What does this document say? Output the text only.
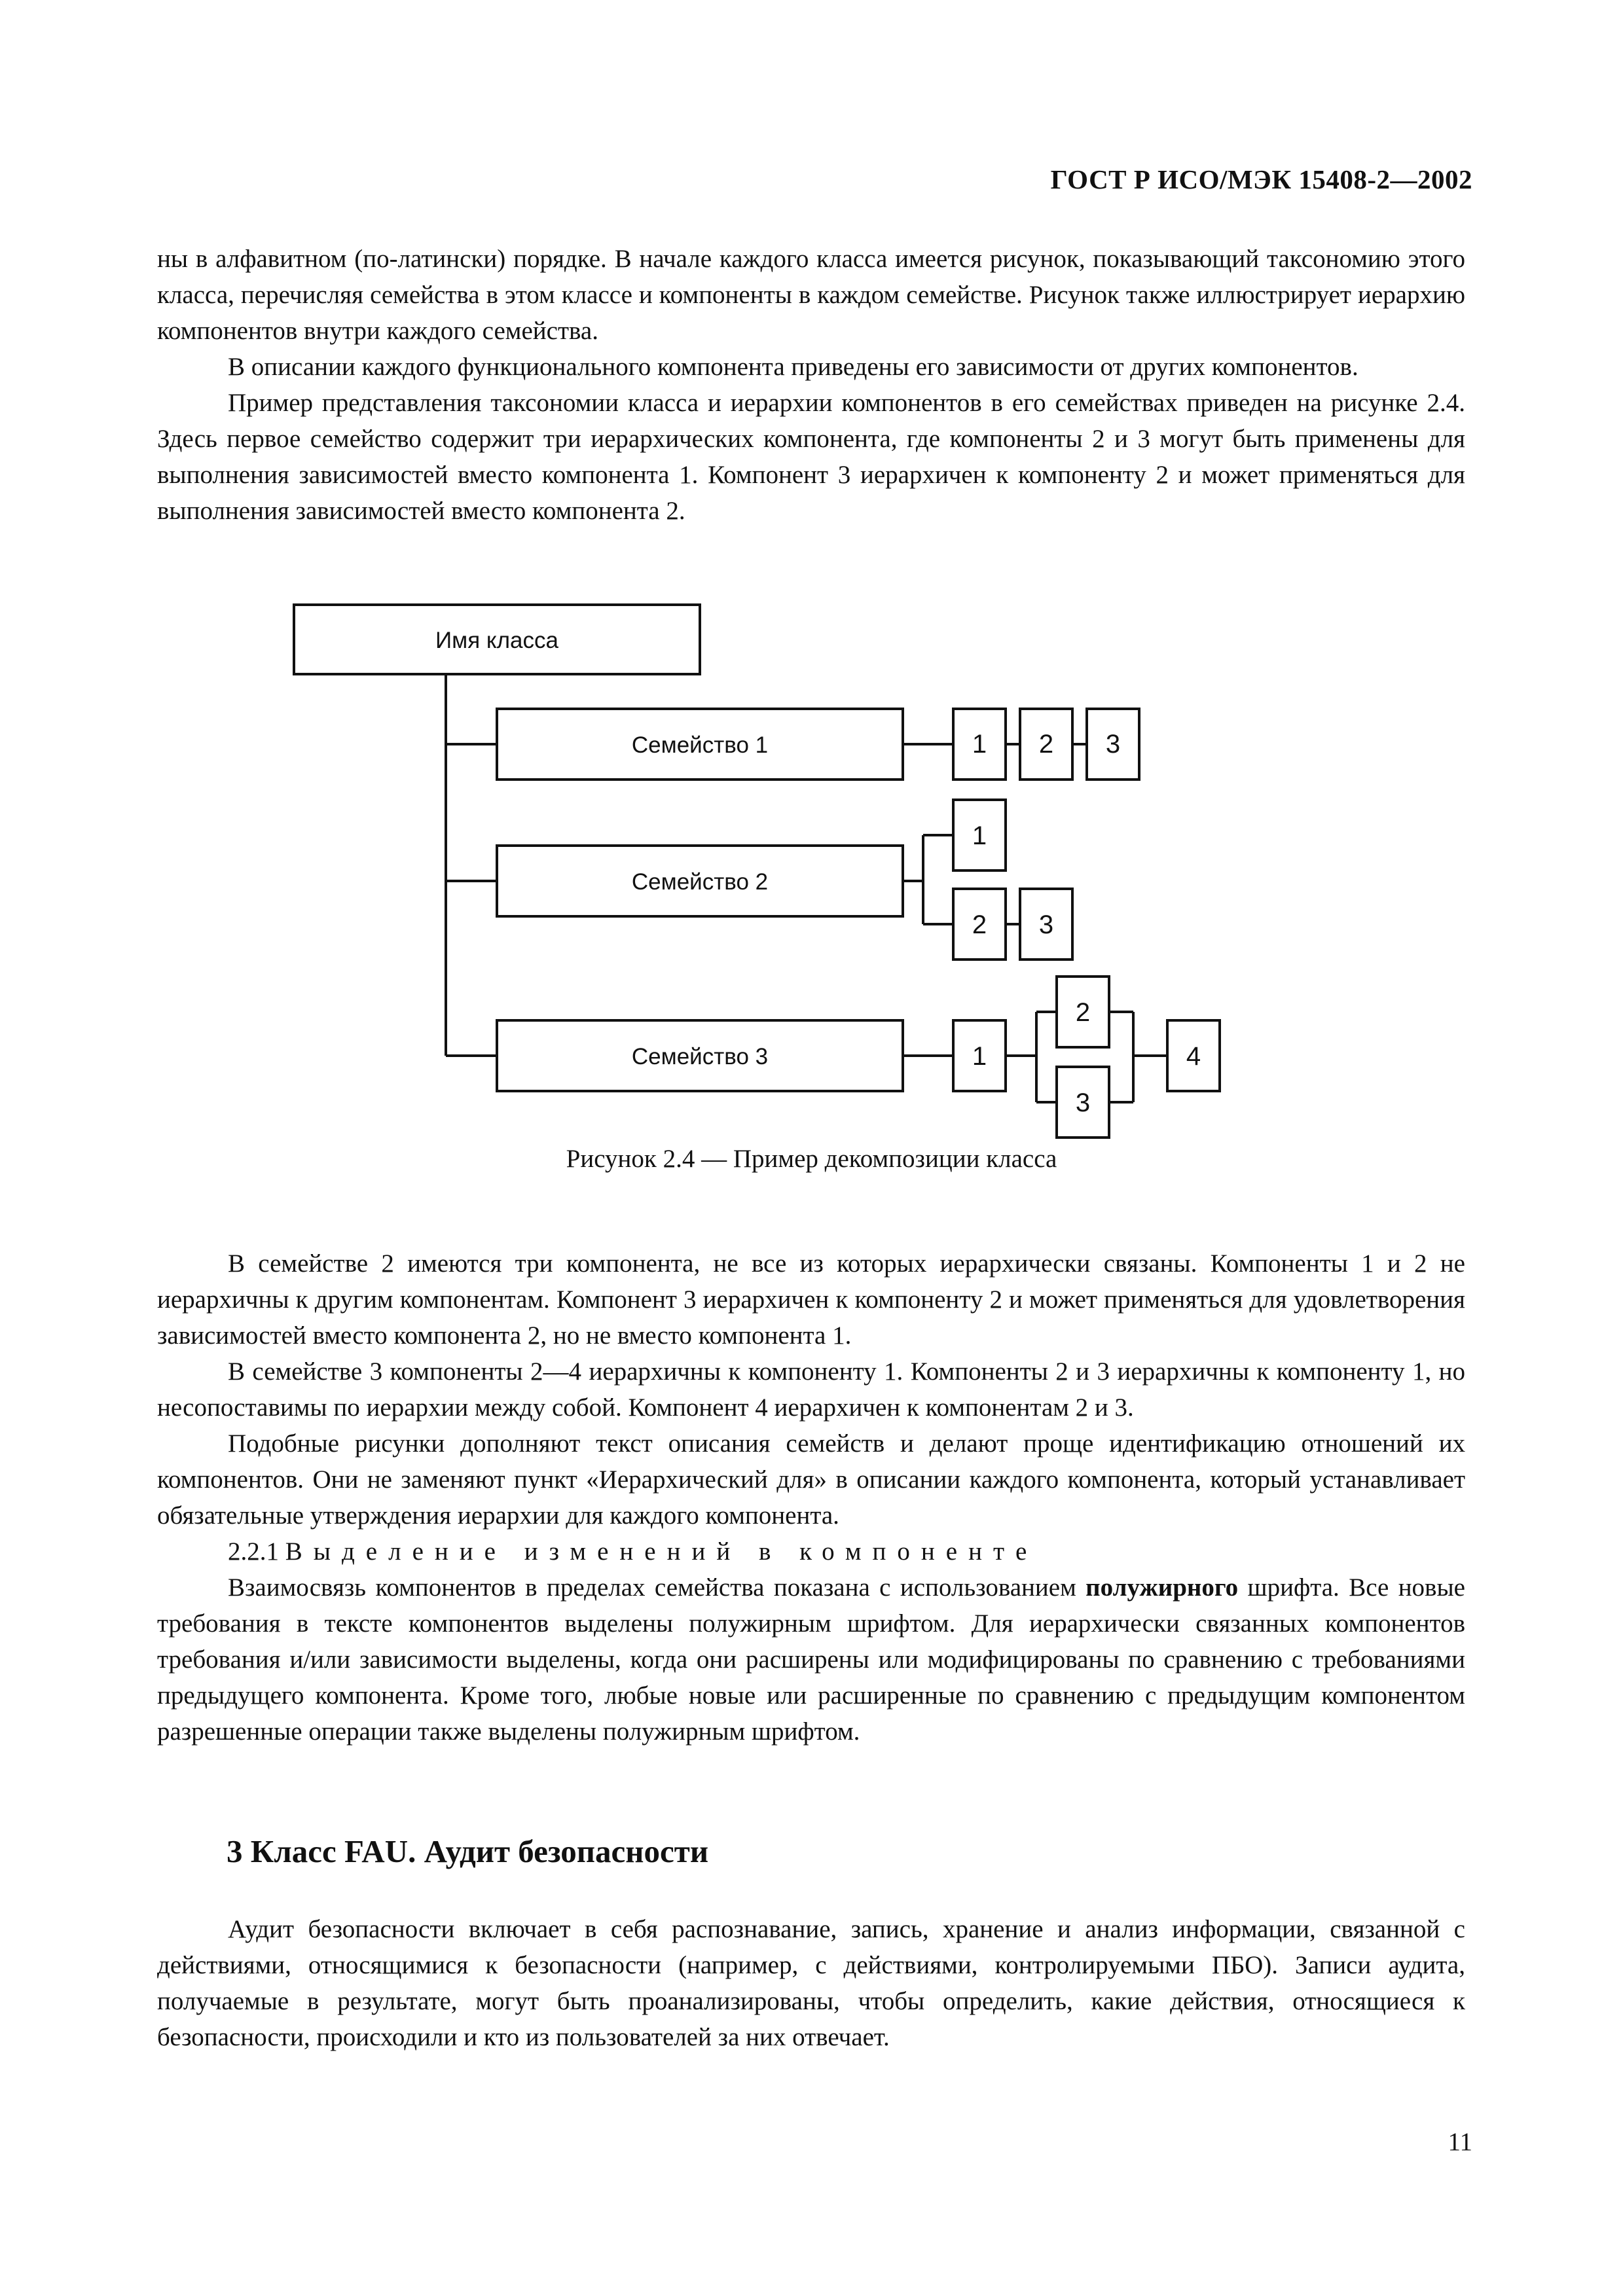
ГОСТ Р ИСО/МЭК 15408-2—2002

ны в алфавитном (по-латински) порядке. В начале каждого класса имеется рисунок, показывающий таксономию этого класса, перечисляя семейства в этом классе и компоненты в каждом семействе. Рисунок также иллюстрирует иерархию компонентов внутри каждого семейства.

В описании каждого функционального компонента приведены его зависимости от других компонентов.

Пример представления таксономии класса и иерархии компонентов в его семействах приведен на рисунке 2.4. Здесь первое семейство содержит три иерархических компонента, где компоненты 2 и 3 могут быть применены для выполнения зависимостей вместо компонента 1. Компонент 3 иерархичен к компоненту 2 и может применяться для выполнения зависимостей вместо компонента 2.

Имя класса
Семейство 1
Семейство 2
Семейство 3
1 2 3
1
2 3
1
2
3
4
Рисунок 2.4 — Пример декомпозиции класса

В семействе 2 имеются три компонента, не все из которых иерархически связаны. Компоненты 1 и 2 не иерархичны к другим компонентам. Компонент 3 иерархичен к компоненту 2 и может применяться для удовлетворения зависимостей вместо компонента 2, но не вместо компонента 1.

В семействе 3 компоненты 2—4 иерархичны к компоненту 1. Компоненты 2 и 3 иерархичны к компоненту 1, но несопоставимы по иерархии между собой. Компонент 4 иерархичен к компонентам 2 и 3.

Подобные рисунки дополняют текст описания семейств и делают проще идентификацию отношений их компонентов. Они не заменяют пункт «Иерархический для» в описании каждого компонента, который устанавливает обязательные утверждения иерархии для каждого компонента.

2.2.1 Выделение изменений в компоненте

Взаимосвязь компонентов в пределах семейства показана с использованием полужирного шрифта. Все новые требования в тексте компонентов выделены полужирным шрифтом. Для иерархически связанных компонентов требования и/или зависимости выделены, когда они расширены или модифицированы по сравнению с требованиями предыдущего компонента. Кроме того, любые новые или расширенные по сравнению с предыдущим компонентом разрешенные операции также выделены полужирным шрифтом.

3 Класс FAU. Аудит безопасности

Аудит безопасности включает в себя распознавание, запись, хранение и анализ информации, связанной с действиями, относящимися к безопасности (например, с действиями, контролируемыми ПБО). Записи аудита, получаемые в результате, могут быть проанализированы, чтобы определить, какие действия, относящиеся к безопасности, происходили и кто из пользователей за них отвечает.

11
